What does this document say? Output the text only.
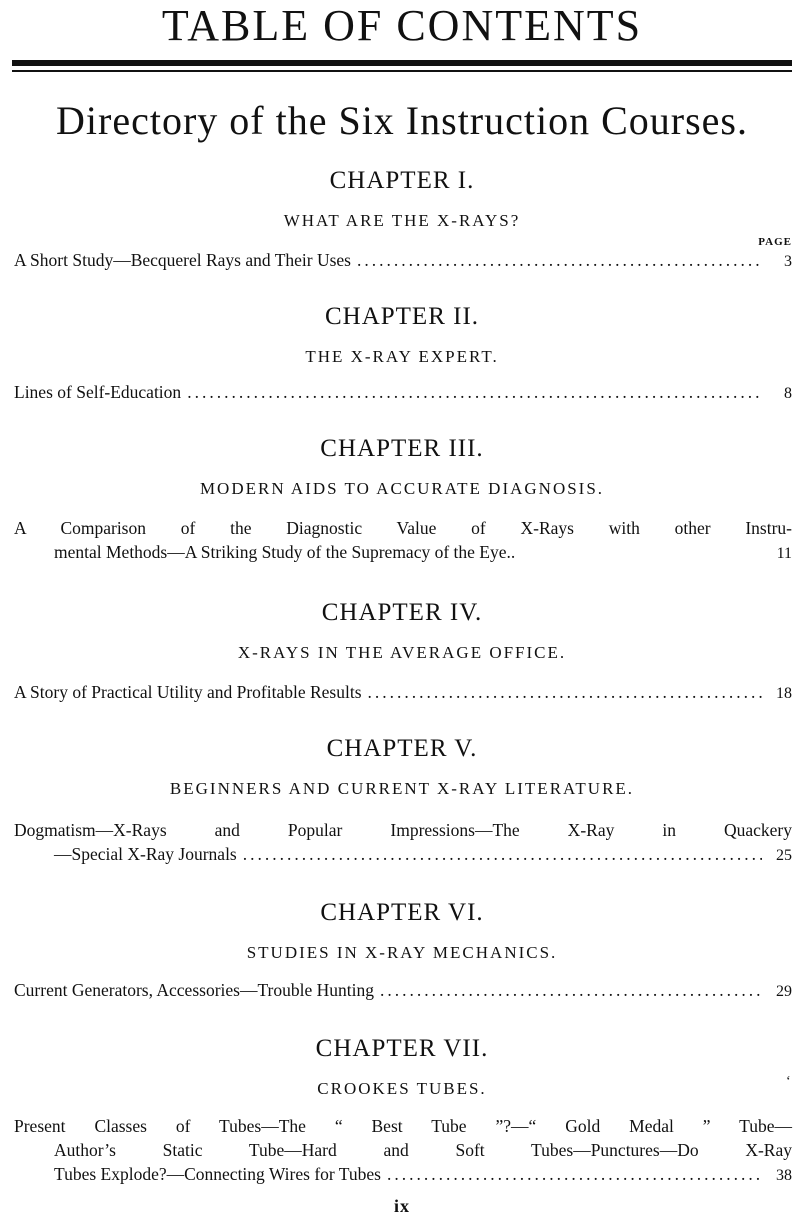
TABLE OF CONTENTS
Directory of the Six Instruction Courses.
CHAPTER I.
WHAT ARE THE X-RAYS?
PAGE
A Short Study—Becquerel Rays and Their Uses .....	3
CHAPTER II.
THE X-RAY EXPERT.
Lines of Self-Education .....	8
CHAPTER III.
MODERN AIDS TO ACCURATE DIAGNOSIS.
A Comparison of the Diagnostic Value of X-Rays with other Instru-
mental Methods—A Striking Study of the Supremacy of the Eye..	11
CHAPTER IV.
X-RAYS IN THE AVERAGE OFFICE.
A Story of Practical Utility and Profitable Results .....	18
CHAPTER V.
BEGINNERS AND CURRENT X-RAY LITERATURE.
Dogmatism—X-Rays and Popular Impressions—The X-Ray in Quackery
—Special X-Ray Journals .....	25
CHAPTER VI.
STUDIES IN X-RAY MECHANICS.
Current Generators, Accessories—Trouble Hunting .....	29
CHAPTER VII.
CROOKES TUBES.	‘
Present Classes of Tubes—The “ Best Tube ”?—“ Gold Medal ” Tube—
Author’s Static Tube—Hard and Soft Tubes—Punctures—Do X-Ray
Tubes Explode?—Connecting Wires for Tubes .....	38
ix
